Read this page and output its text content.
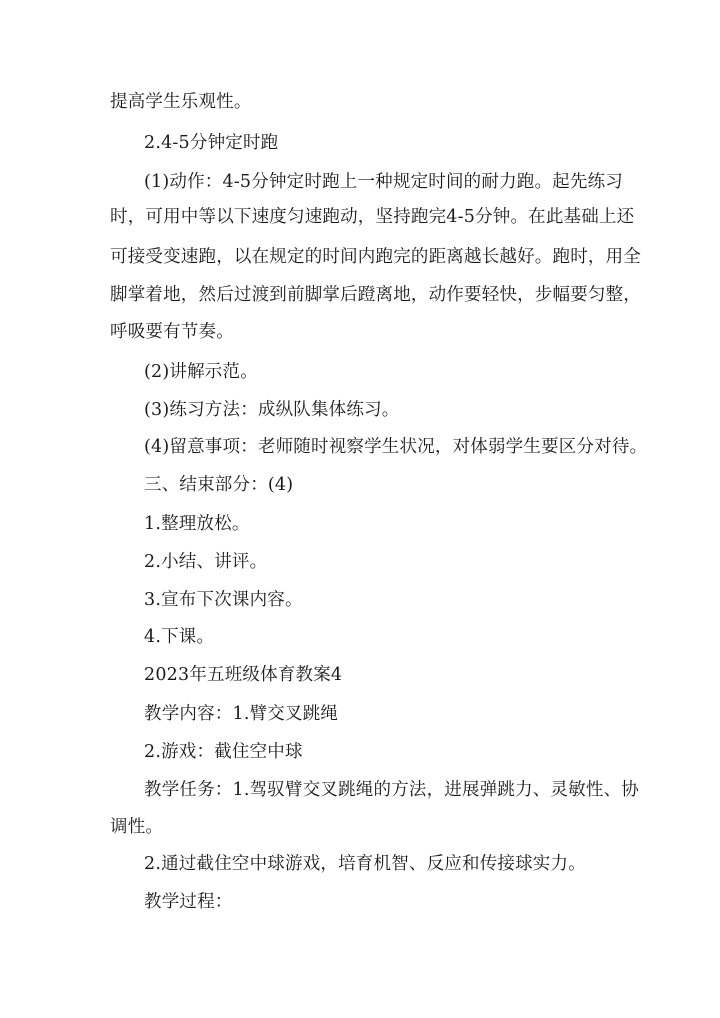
提高学生乐观性。
2.4-5分钟定时跑
(1)动作：4-5分钟定时跑上一种规定时间的耐力跑。起先练习
时，可用中等以下速度匀速跑动，坚持跑完4-5分钟。在此基础上还
可接受变速跑，以在规定的时间内跑完的距离越长越好。跑时，用全
脚掌着地，然后过渡到前脚掌后蹬离地，动作要轻快，步幅要匀整，
呼吸要有节奏。
(2)讲解示范。
(3)练习方法：成纵队集体练习。
(4)留意事项：老师随时视察学生状况，对体弱学生要区分对待。
三、结束部分：(4)
1.整理放松。
2.小结、讲评。
3.宣布下次课内容。
4.下课。
2023年五班级体育教案4
教学内容：1.臂交叉跳绳
2.游戏：截住空中球
教学任务：1.驾驭臂交叉跳绳的方法，进展弹跳力、灵敏性、协
调性。
2.通过截住空中球游戏，培育机智、反应和传接球实力。
教学过程：
